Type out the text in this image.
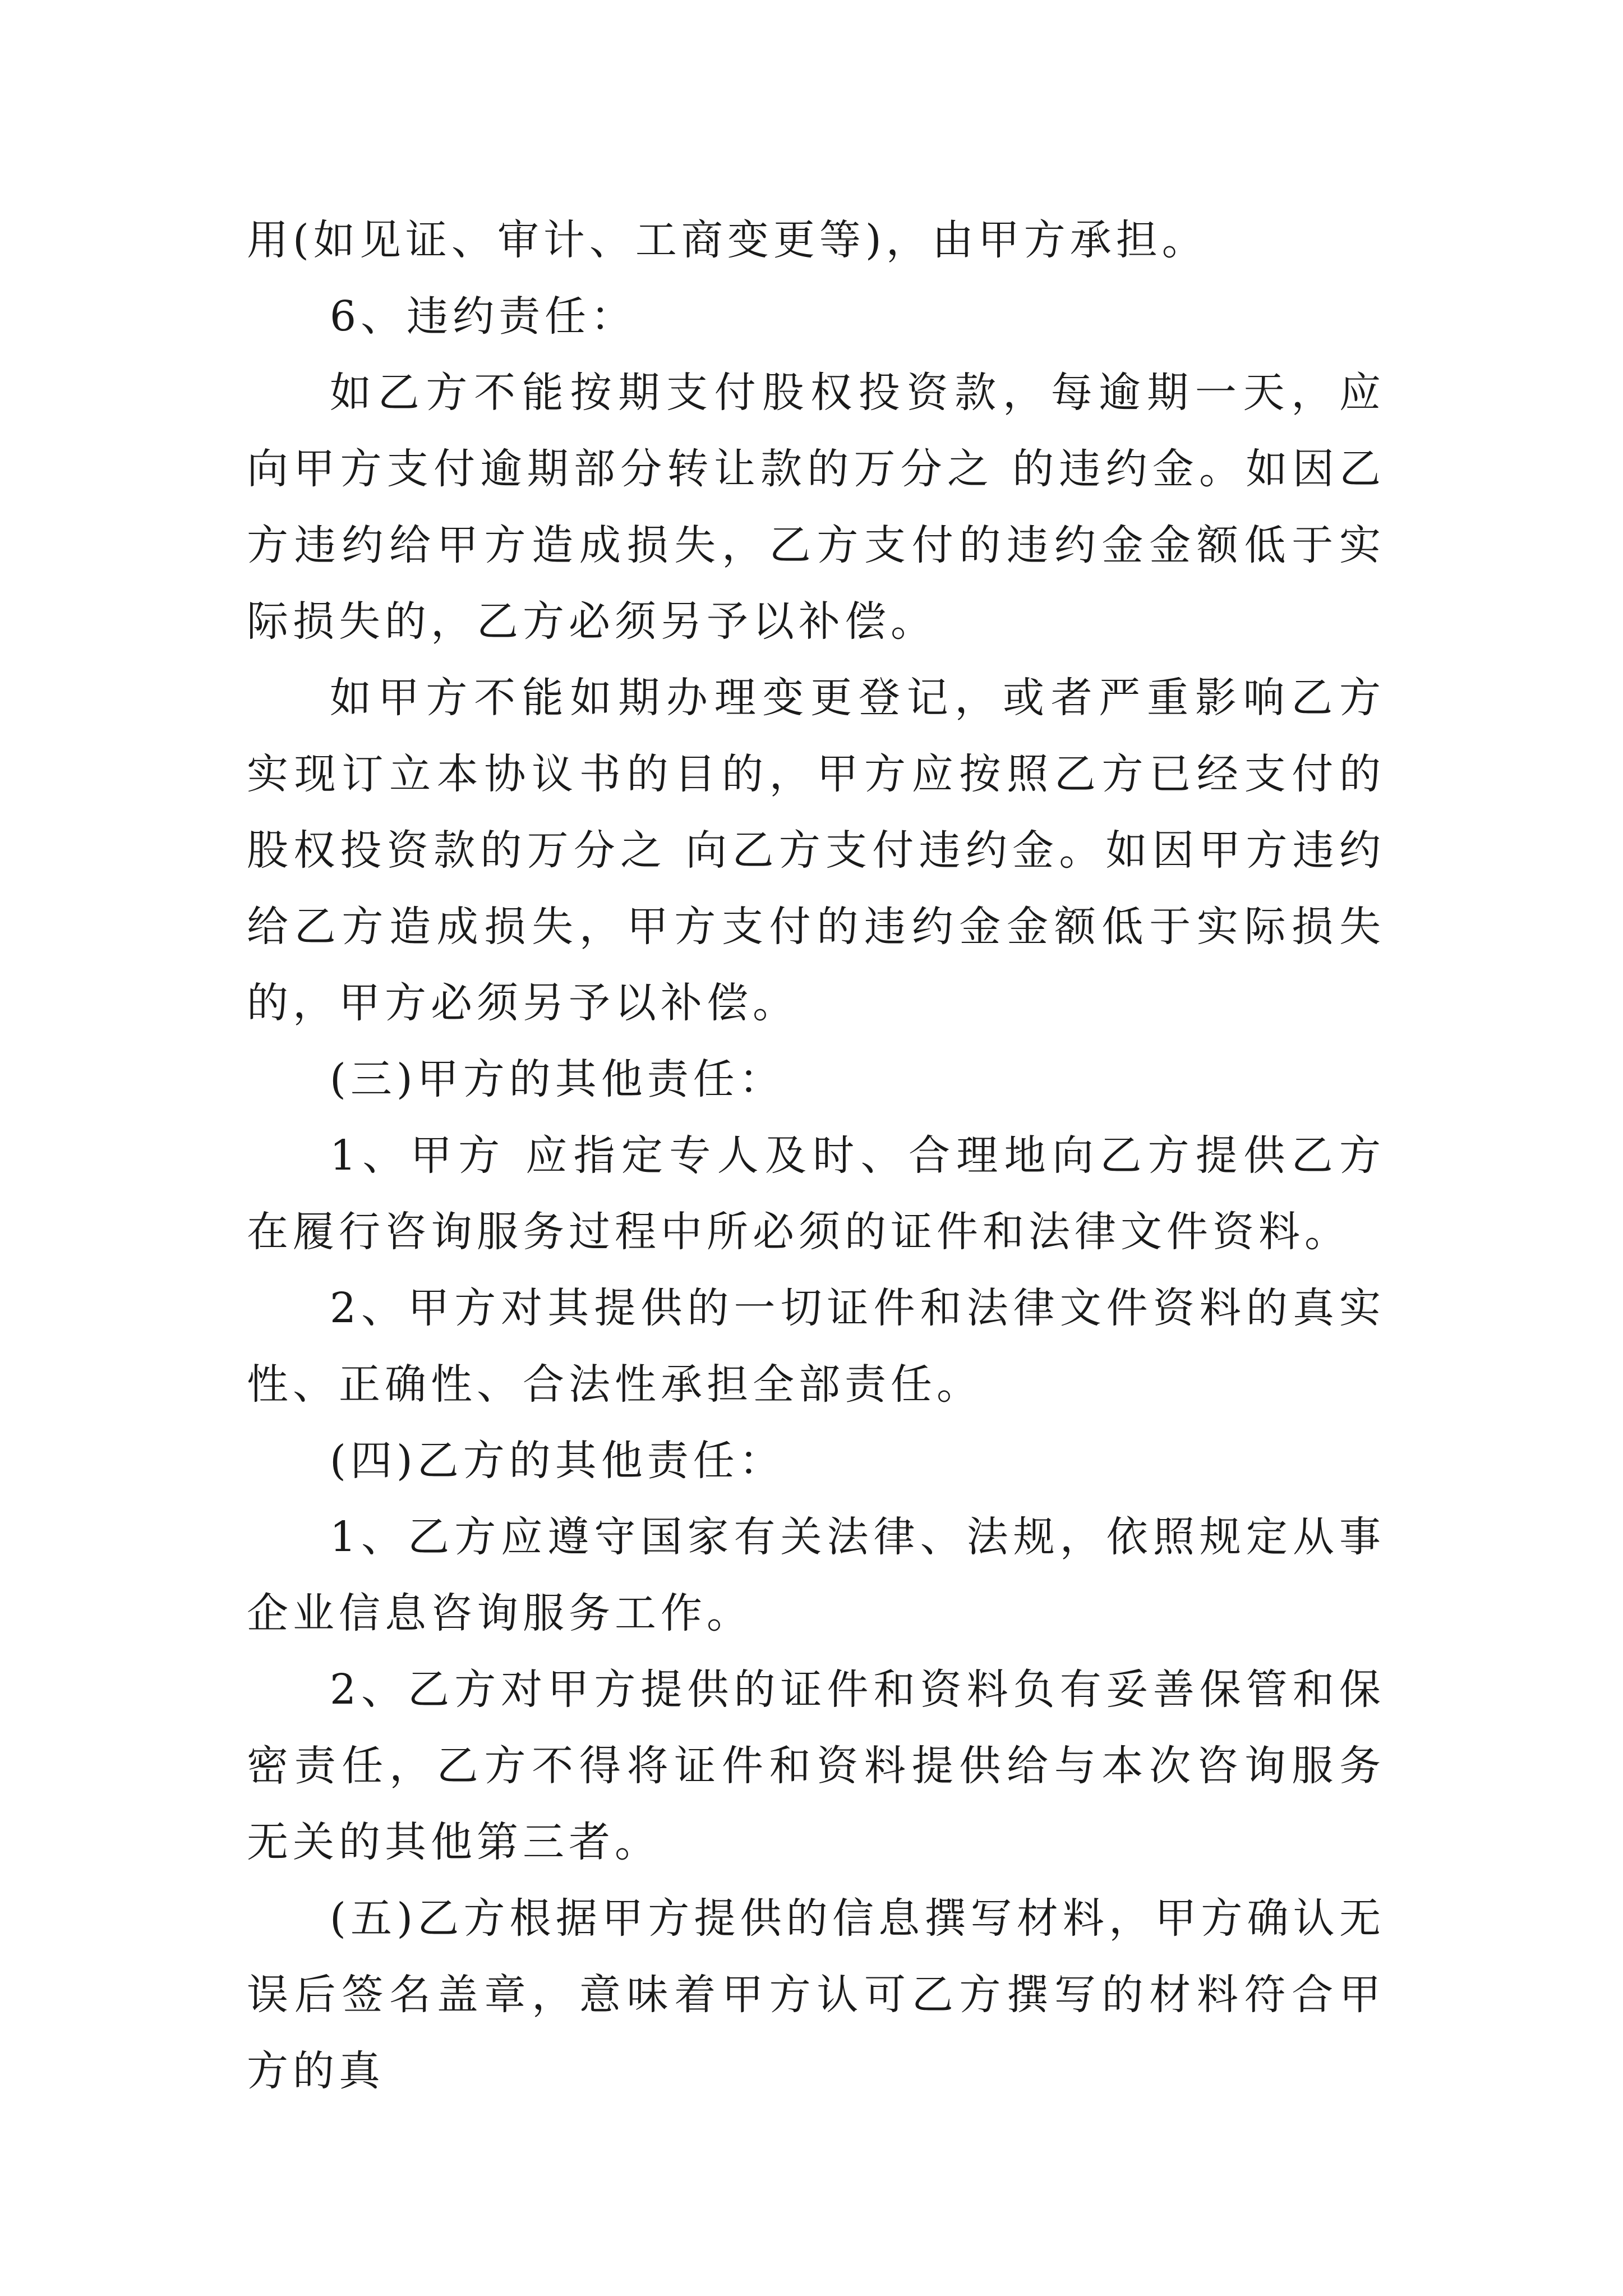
用(如见证、审计、工商变更等)，由甲方承担。

6、违约责任：

如乙方不能按期支付股权投资款，每逾期一天，应向甲方支付逾期部分转让款的万分之 的违约金。如因乙方违约给甲方造成损失，乙方支付的违约金金额低于实际损失的，乙方必须另予以补偿。

如甲方不能如期办理变更登记，或者严重影响乙方实现订立本协议书的目的，甲方应按照乙方已经支付的股权投资款的万分之 向乙方支付违约金。如因甲方违约给乙方造成损失，甲方支付的违约金金额低于实际损失的，甲方必须另予以补偿。

(三)甲方的其他责任：

1、甲方 应指定专人及时、合理地向乙方提供乙方在履行咨询服务过程中所必须的证件和法律文件资料。

2、甲方对其提供的一切证件和法律文件资料的真实性、正确性、合法性承担全部责任。

(四)乙方的其他责任：

1、乙方应遵守国家有关法律、法规，依照规定从事企业信息咨询服务工作。

2、乙方对甲方提供的证件和资料负有妥善保管和保密责任，乙方不得将证件和资料提供给与本次咨询服务无关的其他第三者。

(五)乙方根据甲方提供的信息撰写材料，甲方确认无误后签名盖章，意味着甲方认可乙方撰写的材料符合甲方的真
